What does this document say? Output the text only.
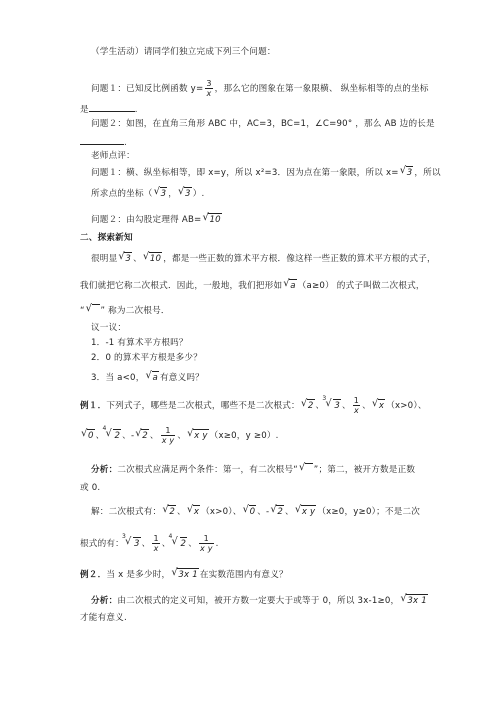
（学生活动）请同学们独立完成下列三个问题：
问题１：已知反比例函数 $y= \frac{3}{x}$ ，那么它的图象在第一象限横、 纵坐标相等的点的坐标
是	.
问题２：如图，在直角三角形 ABC 中，AC=3，BC=1，∠C=90° ，那么 AB 边的长是
.
老师点评：
问题１：横、纵坐标相等，即 x=y，所以 x²=3．因为点在第一象限，所以 x= √ 3 ，所以
所求点的坐标（ √ 3 ， √ 3 ）.
问题２：由勾股定理得 AB= √ 10
二、探索新知
很明显 √ 3 、 √ 10 ，都是一些正数的算术平方根．像这样一些正数的算术平方根的式子，
我们就把它称二次根式．因此，一般地，我们把形如 √ a （a≥0） 的式子叫做二次根式，
“ √ ” 称为二次根号．
议一议：
1．-1 有算术平方根吗？
2．0 的算术平方根是多少？
3．当 a<0， √ a 有意义吗？
例１．下列式子，哪些是二次根式，哪些不是二次根式： √ 2 、
√ 3
3 、 $\frac{1}{x}$ 、 √ x （x>0）、
√ 0 、
√ 4
2 、- √ 2 、 $\frac{1}{\text{x y}}$ 、 √ x y （x≥0，y ≥0）.
分析：二次根式应满足两个条件：第一，有二次根号“ √ ”；第二，被开方数是正数
或 0.
解：二次根式有： √ 2 、 √ x （x>0）、 √ 0 、- √ 2 、 √ x y （x≥0，y≥0）；不是二次
根式的有：
√ 3
3 、 $\frac{1}{x}$ 、
√ 4
2 、 $\frac{1}{\text{x y}}$ .
例２．当 x 是多少时， √ 3x 1 在实数范围内有意义？
分析：由二次根式的定义可知，被开方数一定要大于或等于 0，所以 3x-1≥0， √ 3x 1
才能有意义.
